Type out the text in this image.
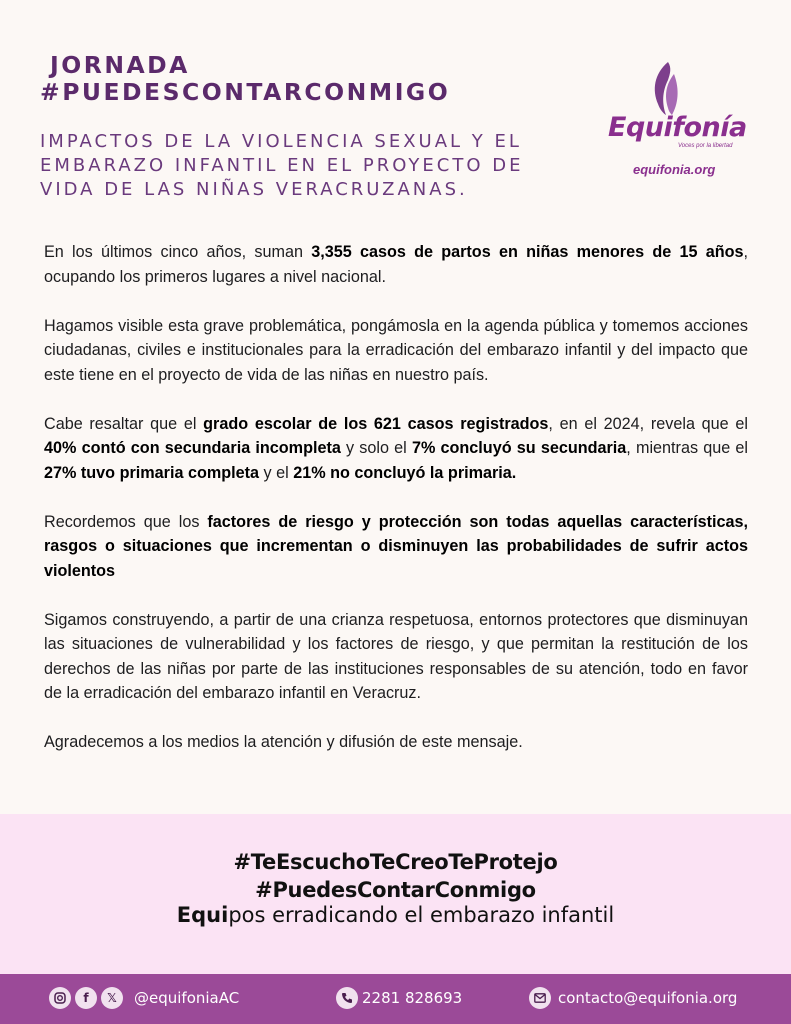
JORNADA
#PUEDESCONTARCONMIGO
IMPACTOS DE LA VIOLENCIA SEXUAL Y EL
EMBARAZO INFANTIL EN EL PROYECTO DE
VIDA DE LAS NIÑAS VERACRUZANAS.
Equifonía
Voces por la libertad
equifonia.org

En los últimos cinco años, suman 3,355 casos de partos en niñas menores de 15 años, ocupando los primeros lugares a nivel nacional.

Hagamos visible esta grave problemática, pongámosla en la agenda pública y tomemos acciones ciudadanas, civiles e institucionales para la erradicación del embarazo infantil y del impacto que este tiene en el proyecto de vida de las niñas en nuestro país.

Cabe resaltar que el grado escolar de los 621 casos registrados, en el 2024, revela que el 40% contó con secundaria incompleta y solo el 7% concluyó su secundaria, mientras que el 27% tuvo primaria completa y el 21% no concluyó la primaria.

Recordemos que los factores de riesgo y protección son todas aquellas características, rasgos o situaciones que incrementan o disminuyen las probabilidades de sufrir actos violentos

Sigamos construyendo, a partir de una crianza respetuosa, entornos protectores que disminuyan las situaciones de vulnerabilidad y los factores de riesgo, y que permitan la restitución de los derechos de las niñas por parte de las instituciones responsables de su atención, todo en favor de la erradicación del embarazo infantil en Veracruz.

Agradecemos a los medios la atención y difusión de este mensaje.

#TeEscuchoTeCreoTeProtejo
#PuedesContarConmigo
Equipos erradicando el embarazo infantil
f	𝕏	@equifoniaAC	2281 828693	contacto@equifonia.org
